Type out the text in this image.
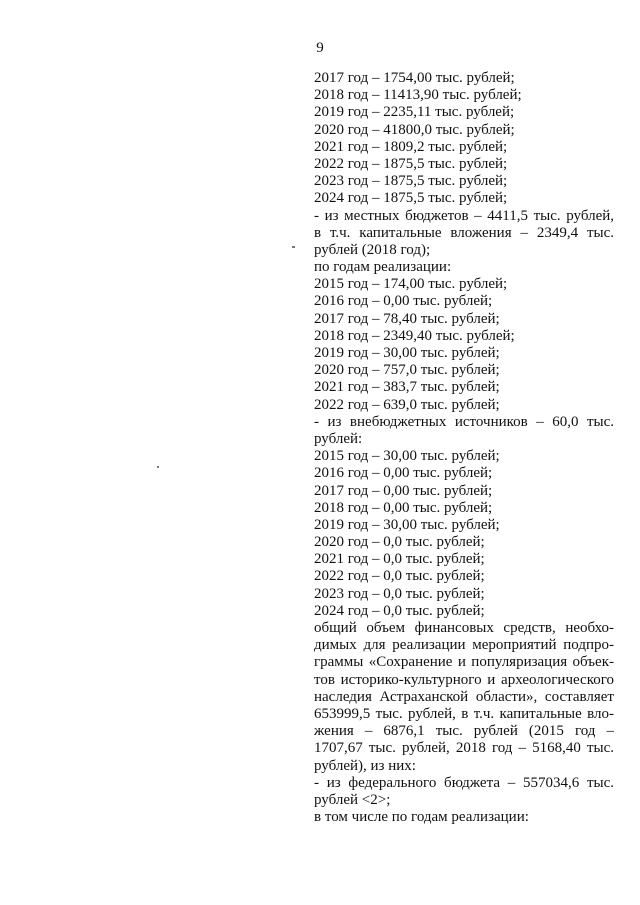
9
2017 год – 1754,00 тыс. рублей;
2018 год – 11413,90 тыс. рублей;
2019 год – 2235,11 тыс. рублей;
2020 год – 41800,0 тыс. рублей;
2021 год – 1809,2 тыс. рублей;
2022 год – 1875,5 тыс. рублей;
2023 год – 1875,5 тыс. рублей;
2024 год – 1875,5 тыс. рублей;
- из местных бюджетов – 4411,5 тыс. рублей,
в т.ч. капитальные вложения – 2349,4 тыс.
рублей (2018 год);
по годам реализации:
2015 год – 174,00 тыс. рублей;
2016 год – 0,00 тыс. рублей;
2017 год – 78,40 тыс. рублей;
2018 год – 2349,40 тыс. рублей;
2019 год – 30,00 тыс. рублей;
2020 год – 757,0 тыс. рублей;
2021 год – 383,7 тыс. рублей;
2022 год – 639,0 тыс. рублей;
- из внебюджетных источников – 60,0 тыс.
рублей:
2015 год – 30,00 тыс. рублей;
2016 год – 0,00 тыс. рублей;
2017 год – 0,00 тыс. рублей;
2018 год – 0,00 тыс. рублей;
2019 год – 30,00 тыс. рублей;
2020 год – 0,0 тыс. рублей;
2021 год – 0,0 тыс. рублей;
2022 год – 0,0 тыс. рублей;
2023 год – 0,0 тыс. рублей;
2024 год – 0,0 тыс. рублей;
общий объем финансовых средств, необхо-
димых для реализации мероприятий подпро-
граммы «Сохранение и популяризация объек-
тов историко-культурного и археологического
наследия Астраханской области», составляет
653999,5 тыс. рублей, в т.ч. капитальные вло-
жения – 6876,1 тыс. рублей (2015 год –
1707,67 тыс. рублей, 2018 год – 5168,40 тыс.
рублей), из них:
- из федерального бюджета – 557034,6 тыс.
рублей <2>;
в том числе по годам реализации:
